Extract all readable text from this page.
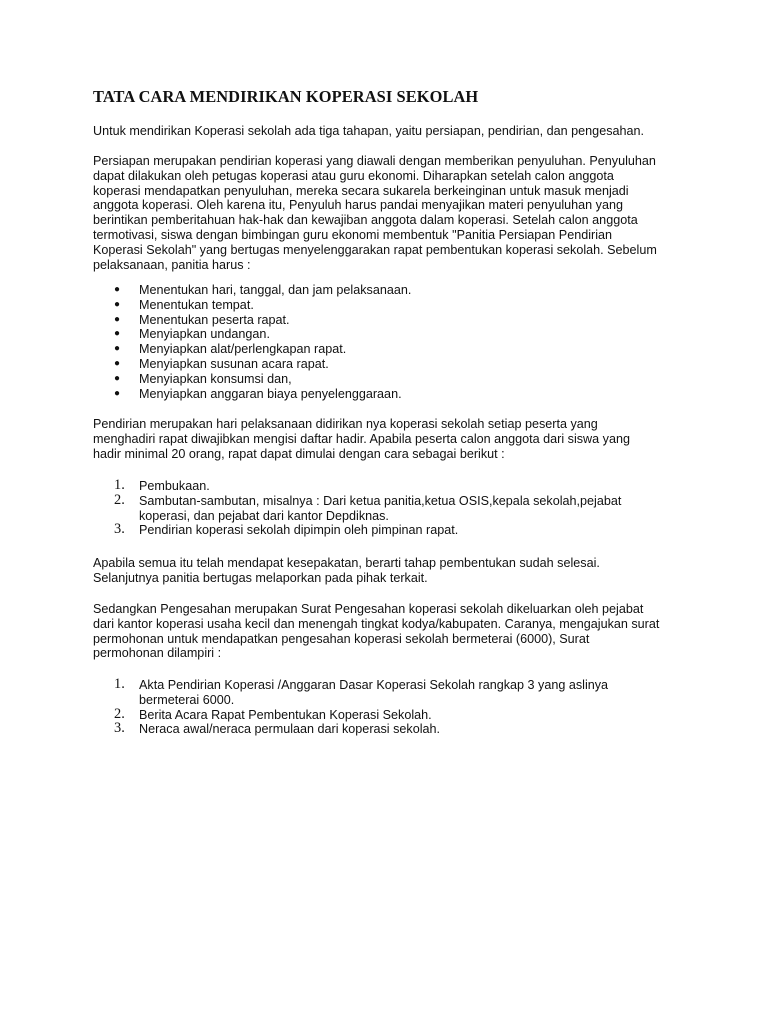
TATA CARA MENDIRIKAN KOPERASI SEKOLAH

Untuk mendirikan Koperasi sekolah ada tiga tahapan, yaitu persiapan, pendirian, dan pengesahan.

Persiapan merupakan pendirian koperasi yang diawali dengan memberikan penyuluhan. Penyuluhan
dapat dilakukan oleh petugas koperasi atau guru ekonomi. Diharapkan setelah calon anggota
koperasi mendapatkan penyuluhan, mereka secara sukarela berkeinginan untuk masuk menjadi
anggota koperasi. Oleh karena itu, Penyuluh harus pandai menyajikan materi penyuluhan yang
berintikan pemberitahuan hak-hak dan kewajiban anggota dalam koperasi. Setelah calon anggota
termotivasi, siswa dengan bimbingan guru ekonomi membentuk "Panitia Persiapan Pendirian
Koperasi Sekolah" yang bertugas menyelenggarakan rapat pembentukan koperasi sekolah. Sebelum
pelaksanaan, panitia harus :

● Menentukan hari, tanggal, dan jam pelaksanaan.
● Menentukan tempat.
● Menentukan peserta rapat.
● Menyiapkan undangan.
● Menyiapkan alat/perlengkapan rapat.
● Menyiapkan susunan acara rapat.
● Menyiapkan konsumsi dan,
● Menyiapkan anggaran biaya penyelenggaraan.

Pendirian merupakan hari pelaksanaan didirikan nya koperasi sekolah setiap peserta yang
menghadiri rapat diwajibkan mengisi daftar hadir. Apabila peserta calon anggota dari siswa yang
hadir minimal 20 orang, rapat dapat dimulai dengan cara sebagai berikut :

1. Pembukaan.
2. Sambutan-sambutan, misalnya : Dari ketua panitia,ketua OSIS,kepala sekolah,pejabat
koperasi, dan pejabat dari kantor Depdiknas.
3. Pendirian koperasi sekolah dipimpin oleh pimpinan rapat.

Apabila semua itu telah mendapat kesepakatan, berarti tahap pembentukan sudah selesai.
Selanjutnya panitia bertugas melaporkan pada pihak terkait.

Sedangkan Pengesahan merupakan Surat Pengesahan koperasi sekolah dikeluarkan oleh pejabat
dari kantor koperasi usaha kecil dan menengah tingkat kodya/kabupaten. Caranya, mengajukan surat
permohonan untuk mendapatkan pengesahan koperasi sekolah bermeterai (6000), Surat
permohonan dilampiri :

1. Akta Pendirian Koperasi /Anggaran Dasar Koperasi Sekolah rangkap 3 yang aslinya
bermeterai 6000.
2. Berita Acara Rapat Pembentukan Koperasi Sekolah.
3. Neraca awal/neraca permulaan dari koperasi sekolah.
